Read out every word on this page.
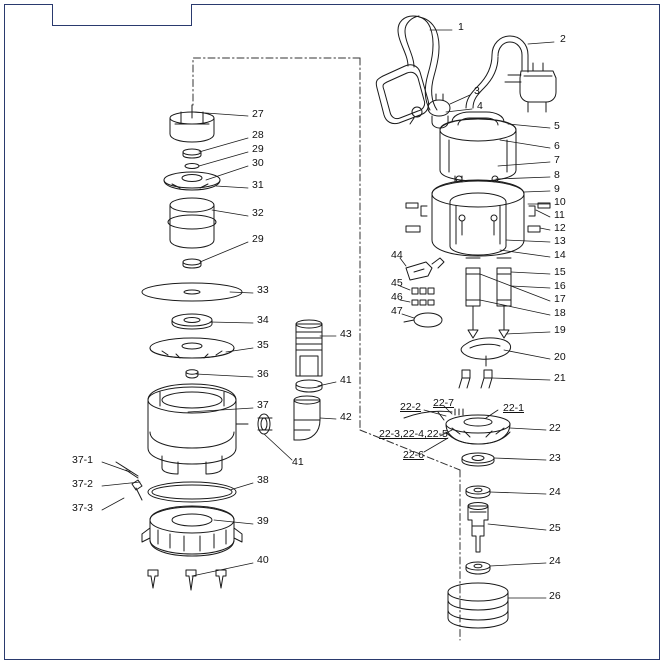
1
2
3
4
5
6
7
8
9
10
11
12
13
14
15
16
17
18
19
20
21
22
23
24
25
24
26
22-1
22-2 22-7
22-3,22-4,22-5
22-6
27
28
29
30
31
32
29
33
34
35
36
37
38
39
40
41
41
42
43
44
45
46
47
37-1
37-2
37-3
